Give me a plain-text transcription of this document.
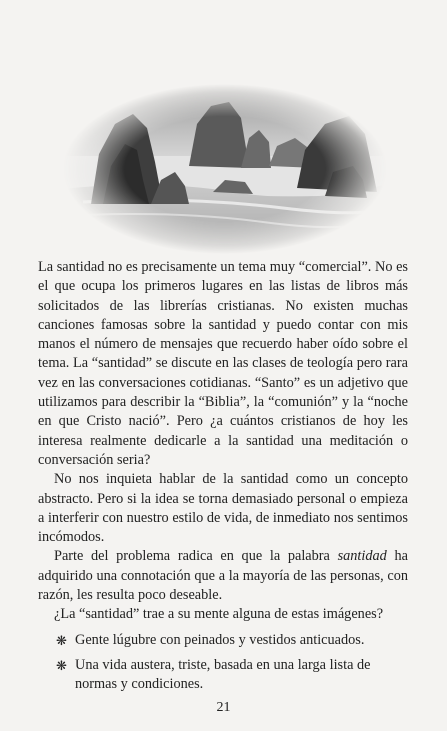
La santidad no es precisamente un tema muy “comercial”. No es el que ocupa los primeros lugares en las listas de libros más solicitados de las librerías cristianas. No existen muchas canciones famosas sobre la santidad y puedo contar con mis manos el número de mensajes que recuerdo haber oído sobre el tema. La “santidad” se discute en las clases de teología pero rara vez en las conversaciones cotidianas. “Santo” es un adjetivo que utilizamos para describir la “Biblia”, la “comunión” y la “noche en que Cristo nació”. Pero ¿a cuántos cristianos de hoy les interesa realmente dedicarle a la santidad una meditación o conversación seria?

No nos inquieta hablar de la santidad como un concepto abstracto. Pero si la idea se torna demasiado personal o empieza a interferir con nuestro estilo de vida, de inmediato nos sentimos incómodos.

Parte del problema radica en que la palabra santidad ha adquirido una connotación que a la mayoría de las personas, con razón, les resulta poco deseable.

¿La “santidad” trae a su mente alguna de estas imágenes?

❋ Gente lúgubre con peinados y vestidos anticuados.
❋ Una vida austera, triste, basada en una larga lista de normas y condiciones.
21
